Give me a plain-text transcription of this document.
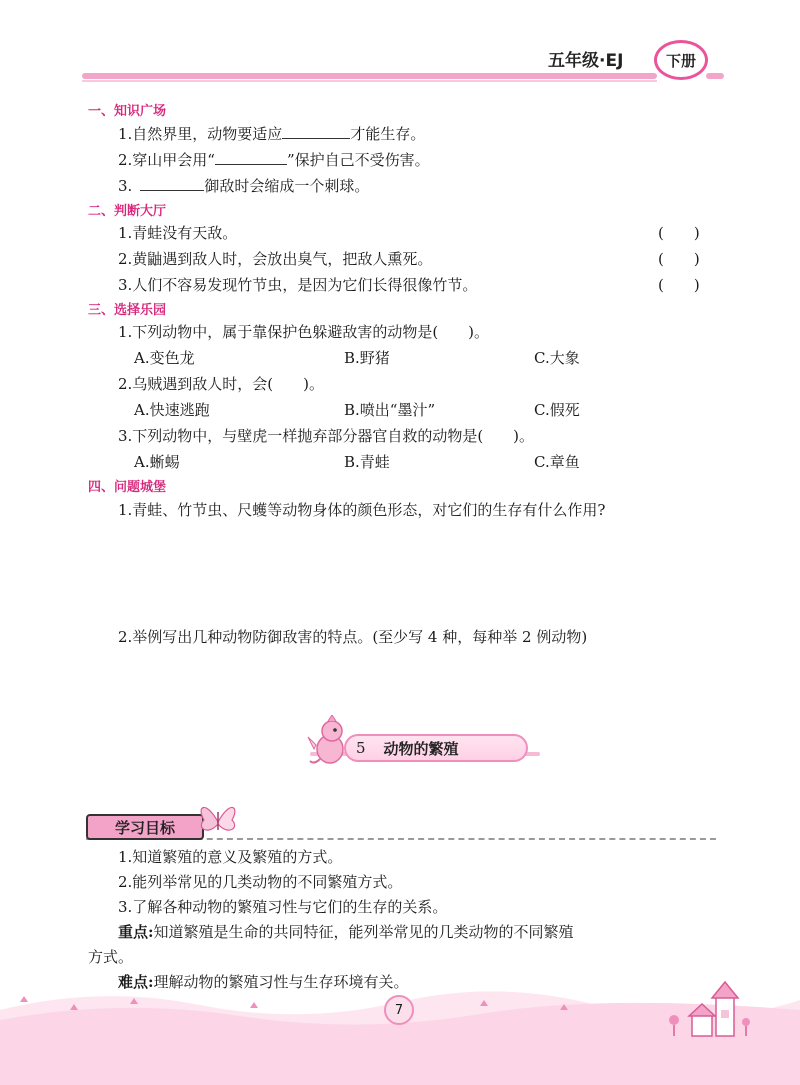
五年级·EJ	下册
一、知识广场
1.自然界里，动物要适应	才能生存。
2.穿山甲会用“	”保护自己不受伤害。
3.	御敌时会缩成一个刺球。
二、判断大厅
1.青蛙没有天敌。	(　　)
2.黄鼬遇到敌人时，会放出臭气，把敌人熏死。	(　　)
3.人们不容易发现竹节虫，是因为它们长得很像竹节。	(　　)
三、选择乐园
1.下列动物中，属于靠保护色躲避敌害的动物是(　　)。
A.变色龙	B.野猪	C.大象
2.乌贼遇到敌人时，会(　　)。
A.快速逃跑	B.喷出“墨汁”	C.假死
3.下列动物中，与壁虎一样抛弃部分器官自救的动物是(　　)。
A.蜥蜴	B.青蛙	C.章鱼
四、问题城堡
1.青蛙、竹节虫、尺蠖等动物身体的颜色形态，对它们的生存有什么作用?
2.举例写出几种动物防御敌害的特点。(至少写 4 种，每种举 2 例动物)
5 动物的繁殖
学习目标
1.知道繁殖的意义及繁殖的方式。
2.能列举常见的几类动物的不同繁殖方式。
3.了解各种动物的繁殖习性与它们的生存的关系。
重点:知道繁殖是生命的共同特征，能列举常见的几类动物的不同繁殖
方式。
难点:理解动物的繁殖习性与生存环境有关。
7
